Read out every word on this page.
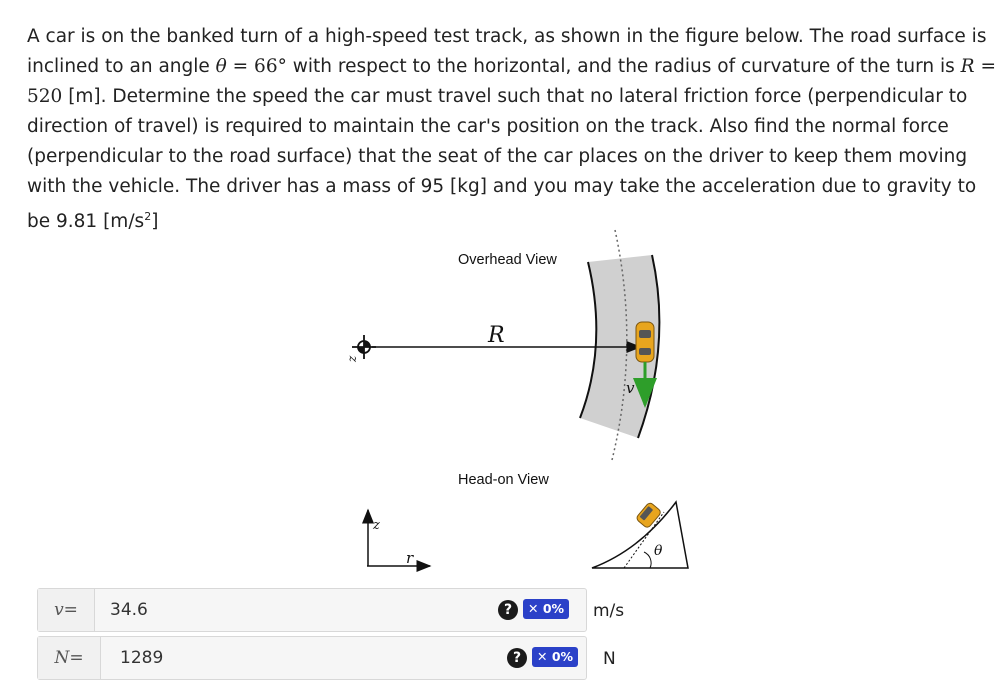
A car is on the banked turn of a high-speed test track, as shown in the figure below. The road surface is inclined to an angle θ = 66° with respect to the horizontal, and the radius of curvature of the turn is R = 520 [m]. Determine the speed the car must travel such that no lateral friction force (perpendicular to direction of travel) is required to maintain the car's position on the track. Also find the normal force (perpendicular to the road surface) that the seat of the car places on the driver to keep them moving with the vehicle. The driver has a mass of 95 [kg] and you may take the acceleration due to gravity to be 9.81 $[m/s^2]$
z
R
v
z
r	θ
Overhead View
Head-on View
v=	34.6	?	✕ 0% m/s
N=	1289	?	✕ 0% N
